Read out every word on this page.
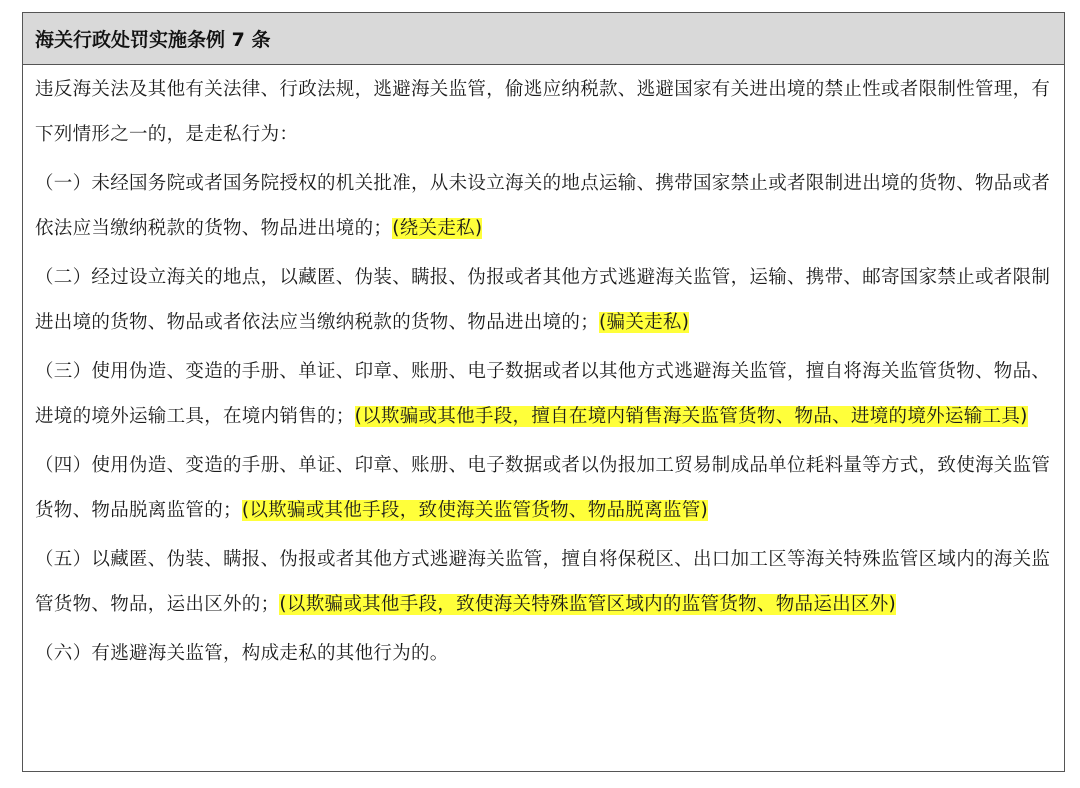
海关行政处罚实施条例 7 条
违反海关法及其他有关法律、行政法规，逃避海关监管，偷逃应纳税款、逃避国家有关进出境的禁止性或者限制性管理，有下列情形之一的，是走私行为：
（一）未经国务院或者国务院授权的机关批准，从未设立海关的地点运输、携带国家禁止或者限制进出境的货物、物品或者依法应当缴纳税款的货物、物品进出境的；(绕关走私)
（二）经过设立海关的地点，以藏匿、伪装、瞒报、伪报或者其他方式逃避海关监管，运输、携带、邮寄国家禁止或者限制进出境的货物、物品或者依法应当缴纳税款的货物、物品进出境的；(骗关走私)
（三）使用伪造、变造的手册、单证、印章、账册、电子数据或者以其他方式逃避海关监管，擅自将海关监管货物、物品、进境的境外运输工具，在境内销售的；(以欺骗或其他手段，擅自在境内销售海关监管货物、物品、进境的境外运输工具)
（四）使用伪造、变造的手册、单证、印章、账册、电子数据或者以伪报加工贸易制成品单位耗料量等方式，致使海关监管货物、物品脱离监管的；(以欺骗或其他手段，致使海关监管货物、物品脱离监管)
（五）以藏匿、伪装、瞒报、伪报或者其他方式逃避海关监管，擅自将保税区、出口加工区等海关特殊监管区域内的海关监管货物、物品，运出区外的；(以欺骗或其他手段，致使海关特殊监管区域内的监管货物、物品运出区外)
（六）有逃避海关监管，构成走私的其他行为的。
